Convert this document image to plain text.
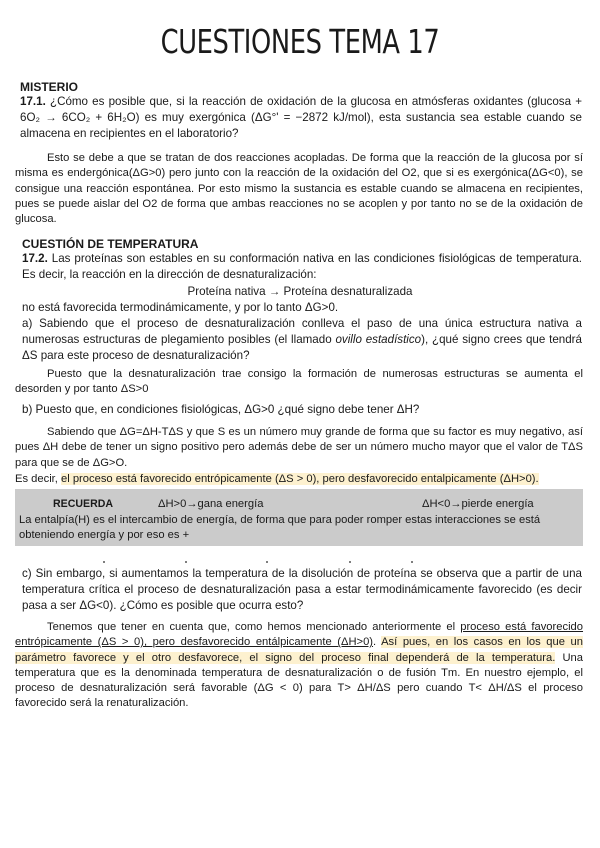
CUESTIONES TEMA 17
MISTERIO
17.1. ¿Cómo es posible que, si la reacción de oxidación de la glucosa en atmósferas oxidantes (glucosa + 6O₂ → 6CO₂ + 6H₂O) es muy exergónica (ΔG°' = −2872 kJ/mol), esta sustancia sea estable cuando se almacena en recipientes en el laboratorio?
Esto se debe a que se tratan de dos reacciones acopladas. De forma que la reacción de la glucosa por sí misma es endergónica(ΔG>0) pero junto con la reacción de la oxidación del O2, que si es exergónica(ΔG<0), se consigue una reacción espontánea. Por esto mismo la sustancia es estable cuando se almacena en recipientes, pues se puede aislar del O2 de forma que ambas reacciones no se acoplen y por tanto no se de la oxidación de glucosa.
CUESTIÓN DE TEMPERATURA
17.2. Las proteínas son estables en su conformación nativa en las condiciones fisiológicas de temperatura. Es decir, la reacción en la dirección de desnaturalización:
Proteína nativa → Proteína desnaturalizada
no está favorecida termodinámicamente, y por lo tanto ΔG>0.
a) Sabiendo que el proceso de desnaturalización conlleva el paso de una única estructura nativa a numerosas estructuras de plegamiento posibles (el llamado ovillo estadístico), ¿qué signo crees que tendrá ΔS para este proceso de desnaturalización?
Puesto que la desnaturalización trae consigo la formación de numerosas estructuras se aumenta el desorden y por tanto ΔS>0
b) Puesto que, en condiciones fisiológicas, ΔG>0 ¿qué signo debe tener ΔH?
Sabiendo que ΔG=ΔH-TΔS y que S es un número muy grande de forma que su factor es muy negativo, así pues ΔH debe de tener un signo positivo pero además debe de ser un número mucho mayor que el valor de TΔS para que se de ΔG>O.
Es decir, el proceso está favorecido entrópicamente (ΔS > 0), pero desfavorecido entalpicamente (ΔH>0).
RECUERDA	ΔH>0→gana energía	ΔH<0→pierde energía
La entalpía(H) es el intercambio de energía, de forma que para poder romper estas interacciones se está obteniendo energía y por eso es +
c) Sin embargo, si aumentamos la temperatura de la disolución de proteína se observa que a partir de una temperatura crítica el proceso de desnaturalización pasa a estar termodinámicamente favorecido (es decir pasa a ser ΔG<0). ¿Cómo es posible que ocurra esto?
Tenemos que tener en cuenta que, como hemos mencionado anteriormente el proceso está favorecido entrópicamente (ΔS > 0), pero desfavorecido entálpicamente (ΔH>0). Así pues, en los casos en los que un parámetro favorece y el otro desfavorece, el signo del proceso final dependerá de la temperatura. Una temperatura que es la denominada temperatura de desnaturalización o de fusión Tm. En nuestro ejemplo, el proceso de desnaturalización será favorable (ΔG < 0) para T> ΔH/ΔS pero cuando T< ΔH/ΔS el proceso favorecido será la renaturalización.
